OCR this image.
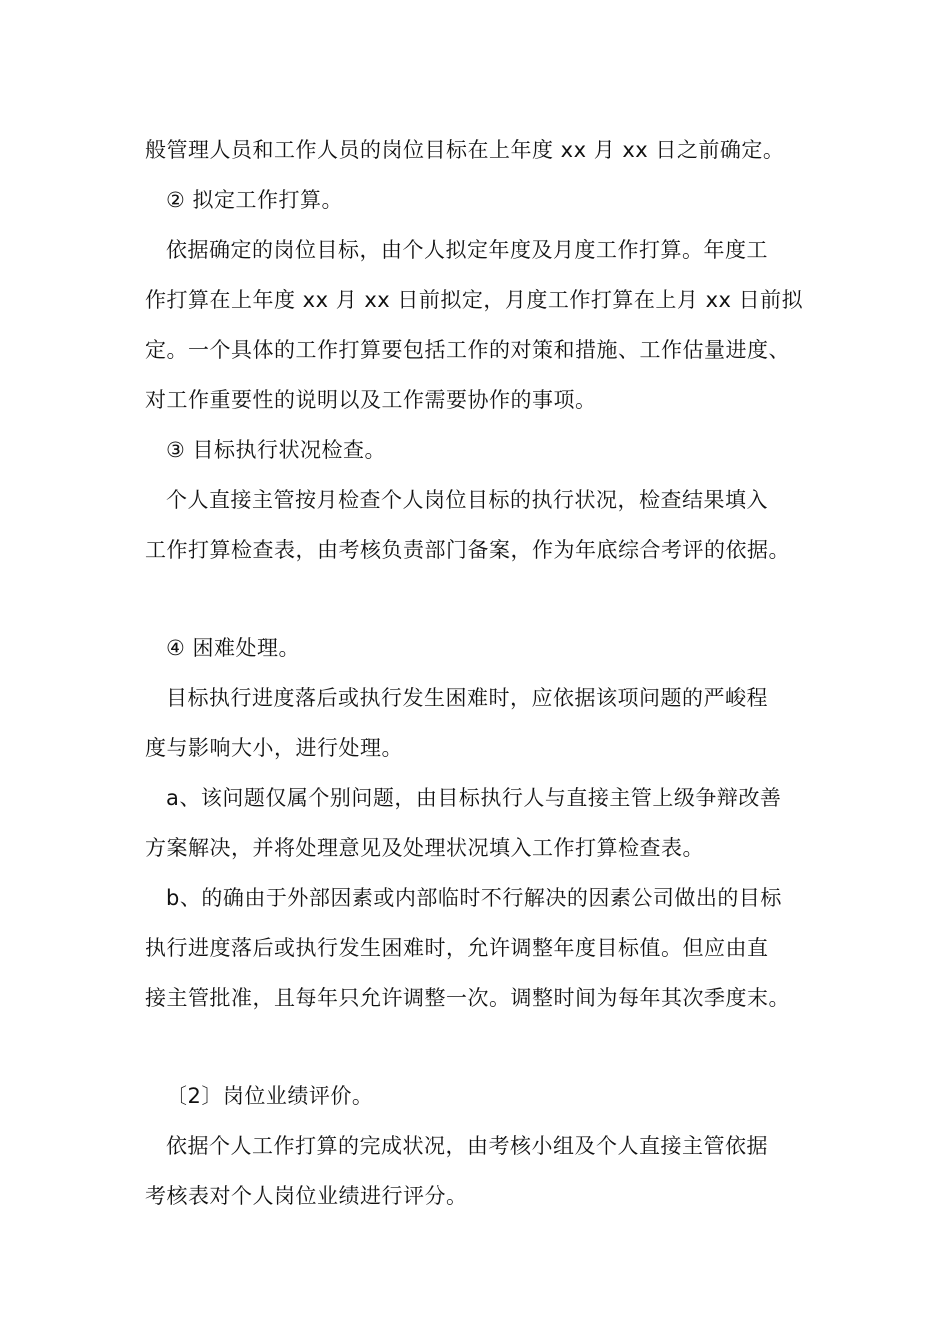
般管理人员和工作人员的岗位目标在上年度 xx 月 xx 日之前确定。
② 拟定工作打算。
依据确定的岗位目标，由个人拟定年度及月度工作打算。年度工
作打算在上年度 xx 月 xx 日前拟定，月度工作打算在上月 xx 日前拟
定。一个具体的工作打算要包括工作的对策和措施、工作估量进度、
对工作重要性的说明以及工作需要协作的事项。
③ 目标执行状况检查。
个人直接主管按月检查个人岗位目标的执行状况，检查结果填入
工作打算检查表，由考核负责部门备案，作为年底综合考评的依据。
④ 困难处理。
目标执行进度落后或执行发生困难时，应依据该项问题的严峻程
度与影响大小，进行处理。
a、该问题仅属个别问题，由目标执行人与直接主管上级争辩改善
方案解决，并将处理意见及处理状况填入工作打算检查表。
b、的确由于外部因素或内部临时不行解决的因素公司做出的目标
执行进度落后或执行发生困难时，允许调整年度目标值。但应由直
接主管批准，且每年只允许调整一次。调整时间为每年其次季度末。
〔2〕岗位业绩评价。
依据个人工作打算的完成状况，由考核小组及个人直接主管依据
考核表对个人岗位业绩进行评分。
